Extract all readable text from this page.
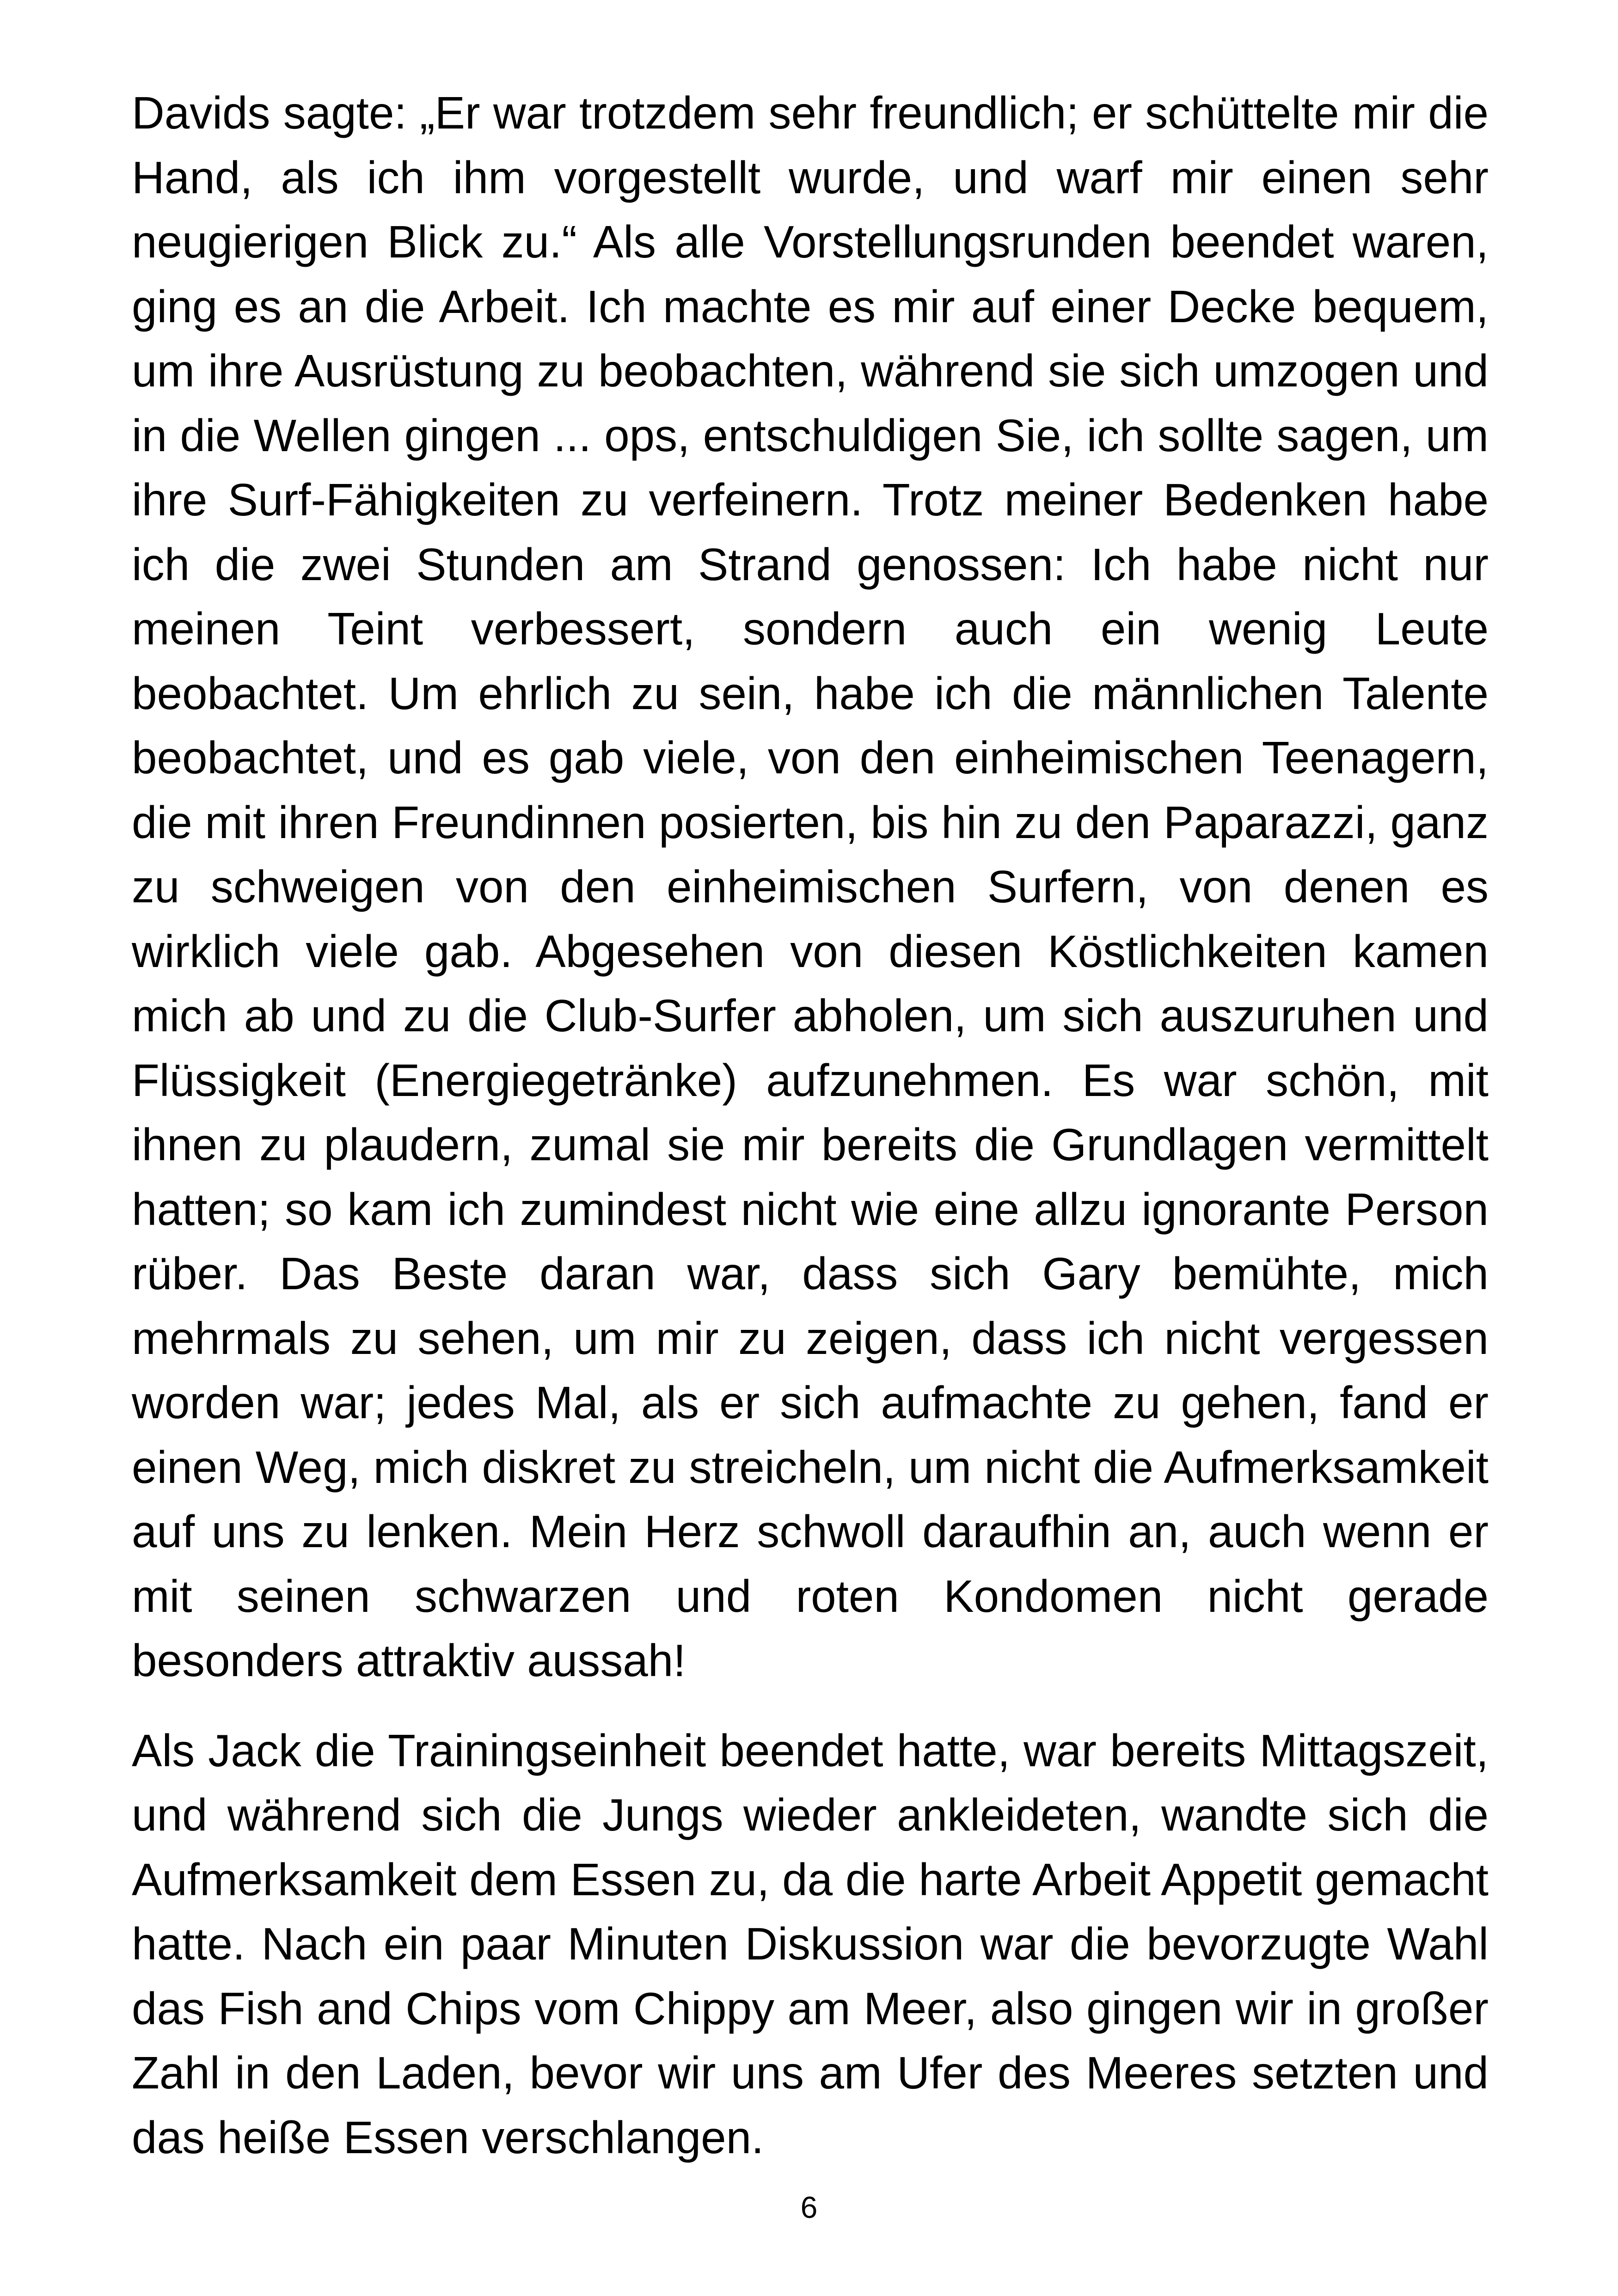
Davids sagte: „Er war trotzdem sehr freundlich; er schüttelte mir die Hand, als ich ihm vorgestellt wurde, und warf mir einen sehr neugierigen Blick zu.“ Als alle Vorstellungsrunden beendet waren, ging es an die Arbeit. Ich machte es mir auf einer Decke bequem, um ihre Ausrüstung zu beobachten, während sie sich umzogen und in die Wellen gingen ... ops, entschuldigen Sie, ich sollte sagen, um ihre Surf-Fähigkeiten zu verfeinern. Trotz meiner Bedenken habe ich die zwei Stunden am Strand genossen: Ich habe nicht nur meinen Teint verbessert, sondern auch ein wenig Leute beobachtet. Um ehrlich zu sein, habe ich die männlichen Talente beobachtet, und es gab viele, von den einheimischen Teenagern, die mit ihren Freundinnen posierten, bis hin zu den Paparazzi, ganz zu schweigen von den einheimischen Surfern, von denen es wirklich viele gab. Abgesehen von diesen Köstlichkeiten kamen mich ab und zu die Club-Surfer abholen, um sich auszuruhen und Flüssigkeit (Energiegetränke) aufzunehmen. Es war schön, mit ihnen zu plaudern, zumal sie mir bereits die Grundlagen vermittelt hatten; so kam ich zumindest nicht wie eine allzu ignorante Person rüber. Das Beste daran war, dass sich Gary bemühte, mich mehrmals zu sehen, um mir zu zeigen, dass ich nicht vergessen worden war; jedes Mal, als er sich aufmachte zu gehen, fand er einen Weg, mich diskret zu streicheln, um nicht die Aufmerksamkeit auf uns zu lenken. Mein Herz schwoll daraufhin an, auch wenn er mit seinen schwarzen und roten Kondomen nicht gerade besonders attraktiv aussah!

Als Jack die Trainingseinheit beendet hatte, war bereits Mittagszeit, und während sich die Jungs wieder ankleideten, wandte sich die Aufmerksamkeit dem Essen zu, da die harte Arbeit Appetit gemacht hatte. Nach ein paar Minuten Diskussion war die bevorzugte Wahl das Fish and Chips vom Chippy am Meer, also gingen wir in großer Zahl in den Laden, bevor wir uns am Ufer des Meeres setzten und das heiße Essen verschlangen.

6
